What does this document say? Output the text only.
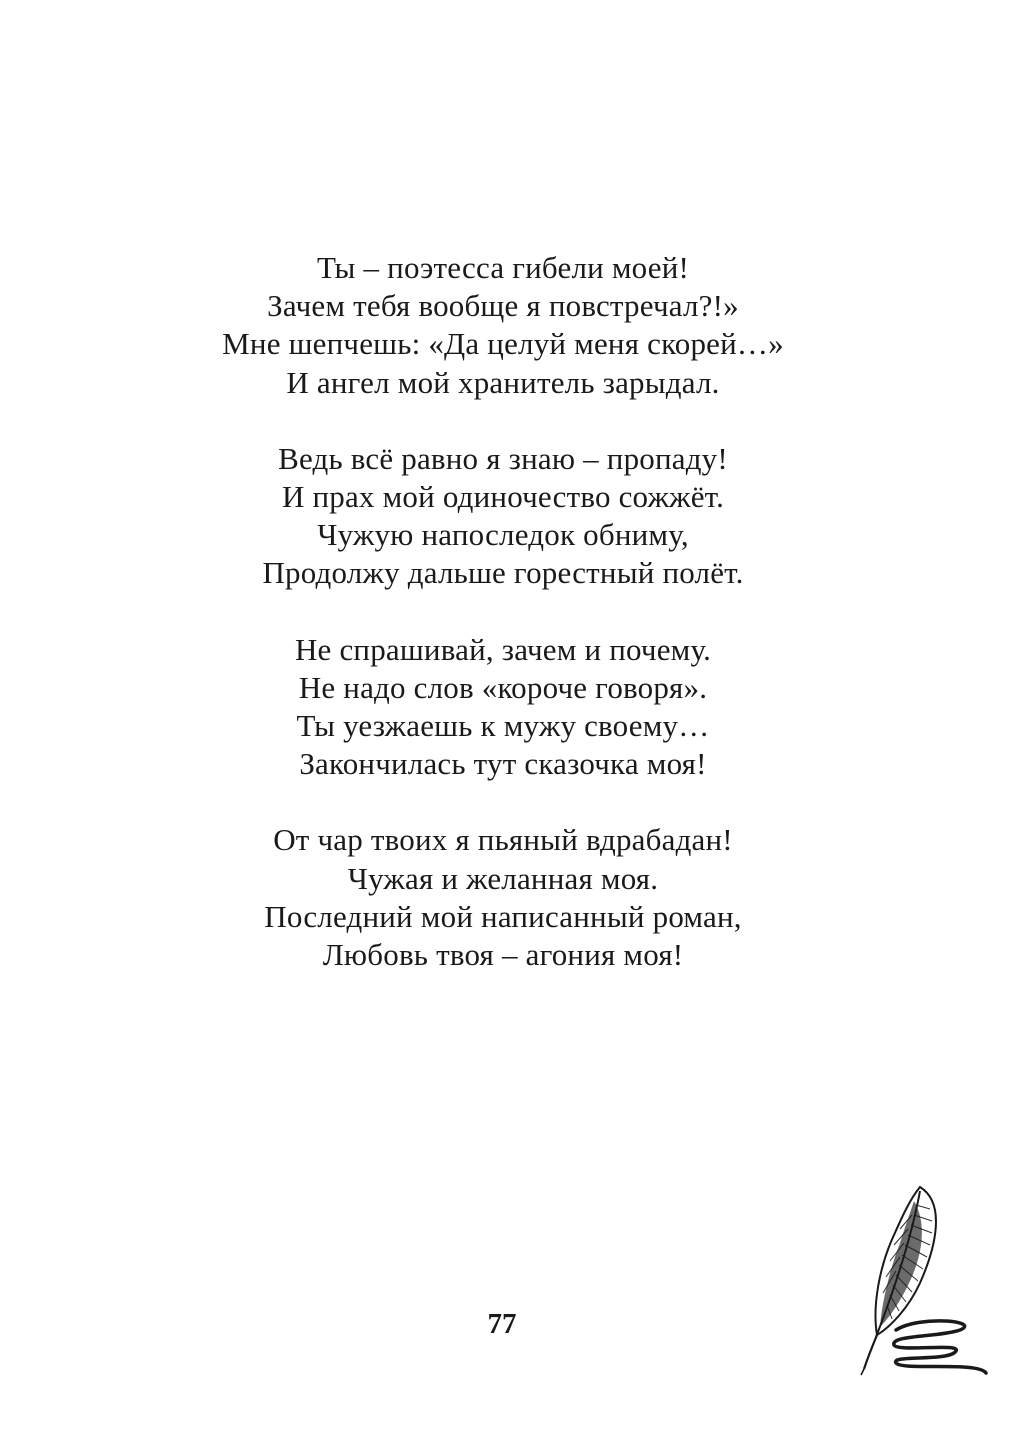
Ты – поэтесса гибели моей!
Зачем тебя вообще я повстречал?!»
Мне шепчешь: «Да целуй меня скорей…»
И ангел мой хранитель зарыдал.
Ведь всё равно я знаю – пропаду!
И прах мой одиночество сожжёт.
Чужую напоследок обниму,
Продолжу дальше горестный полёт.
Не спрашивай, зачем и почему.
Не надо слов «короче говоря».
Ты уезжаешь к мужу своему…
Закончилась тут сказочка моя!
От чар твоих я пьяный вдрабадан!
Чужая и желанная моя.
Последний мой написанный роман,
Любовь твоя – агония моя!
77
